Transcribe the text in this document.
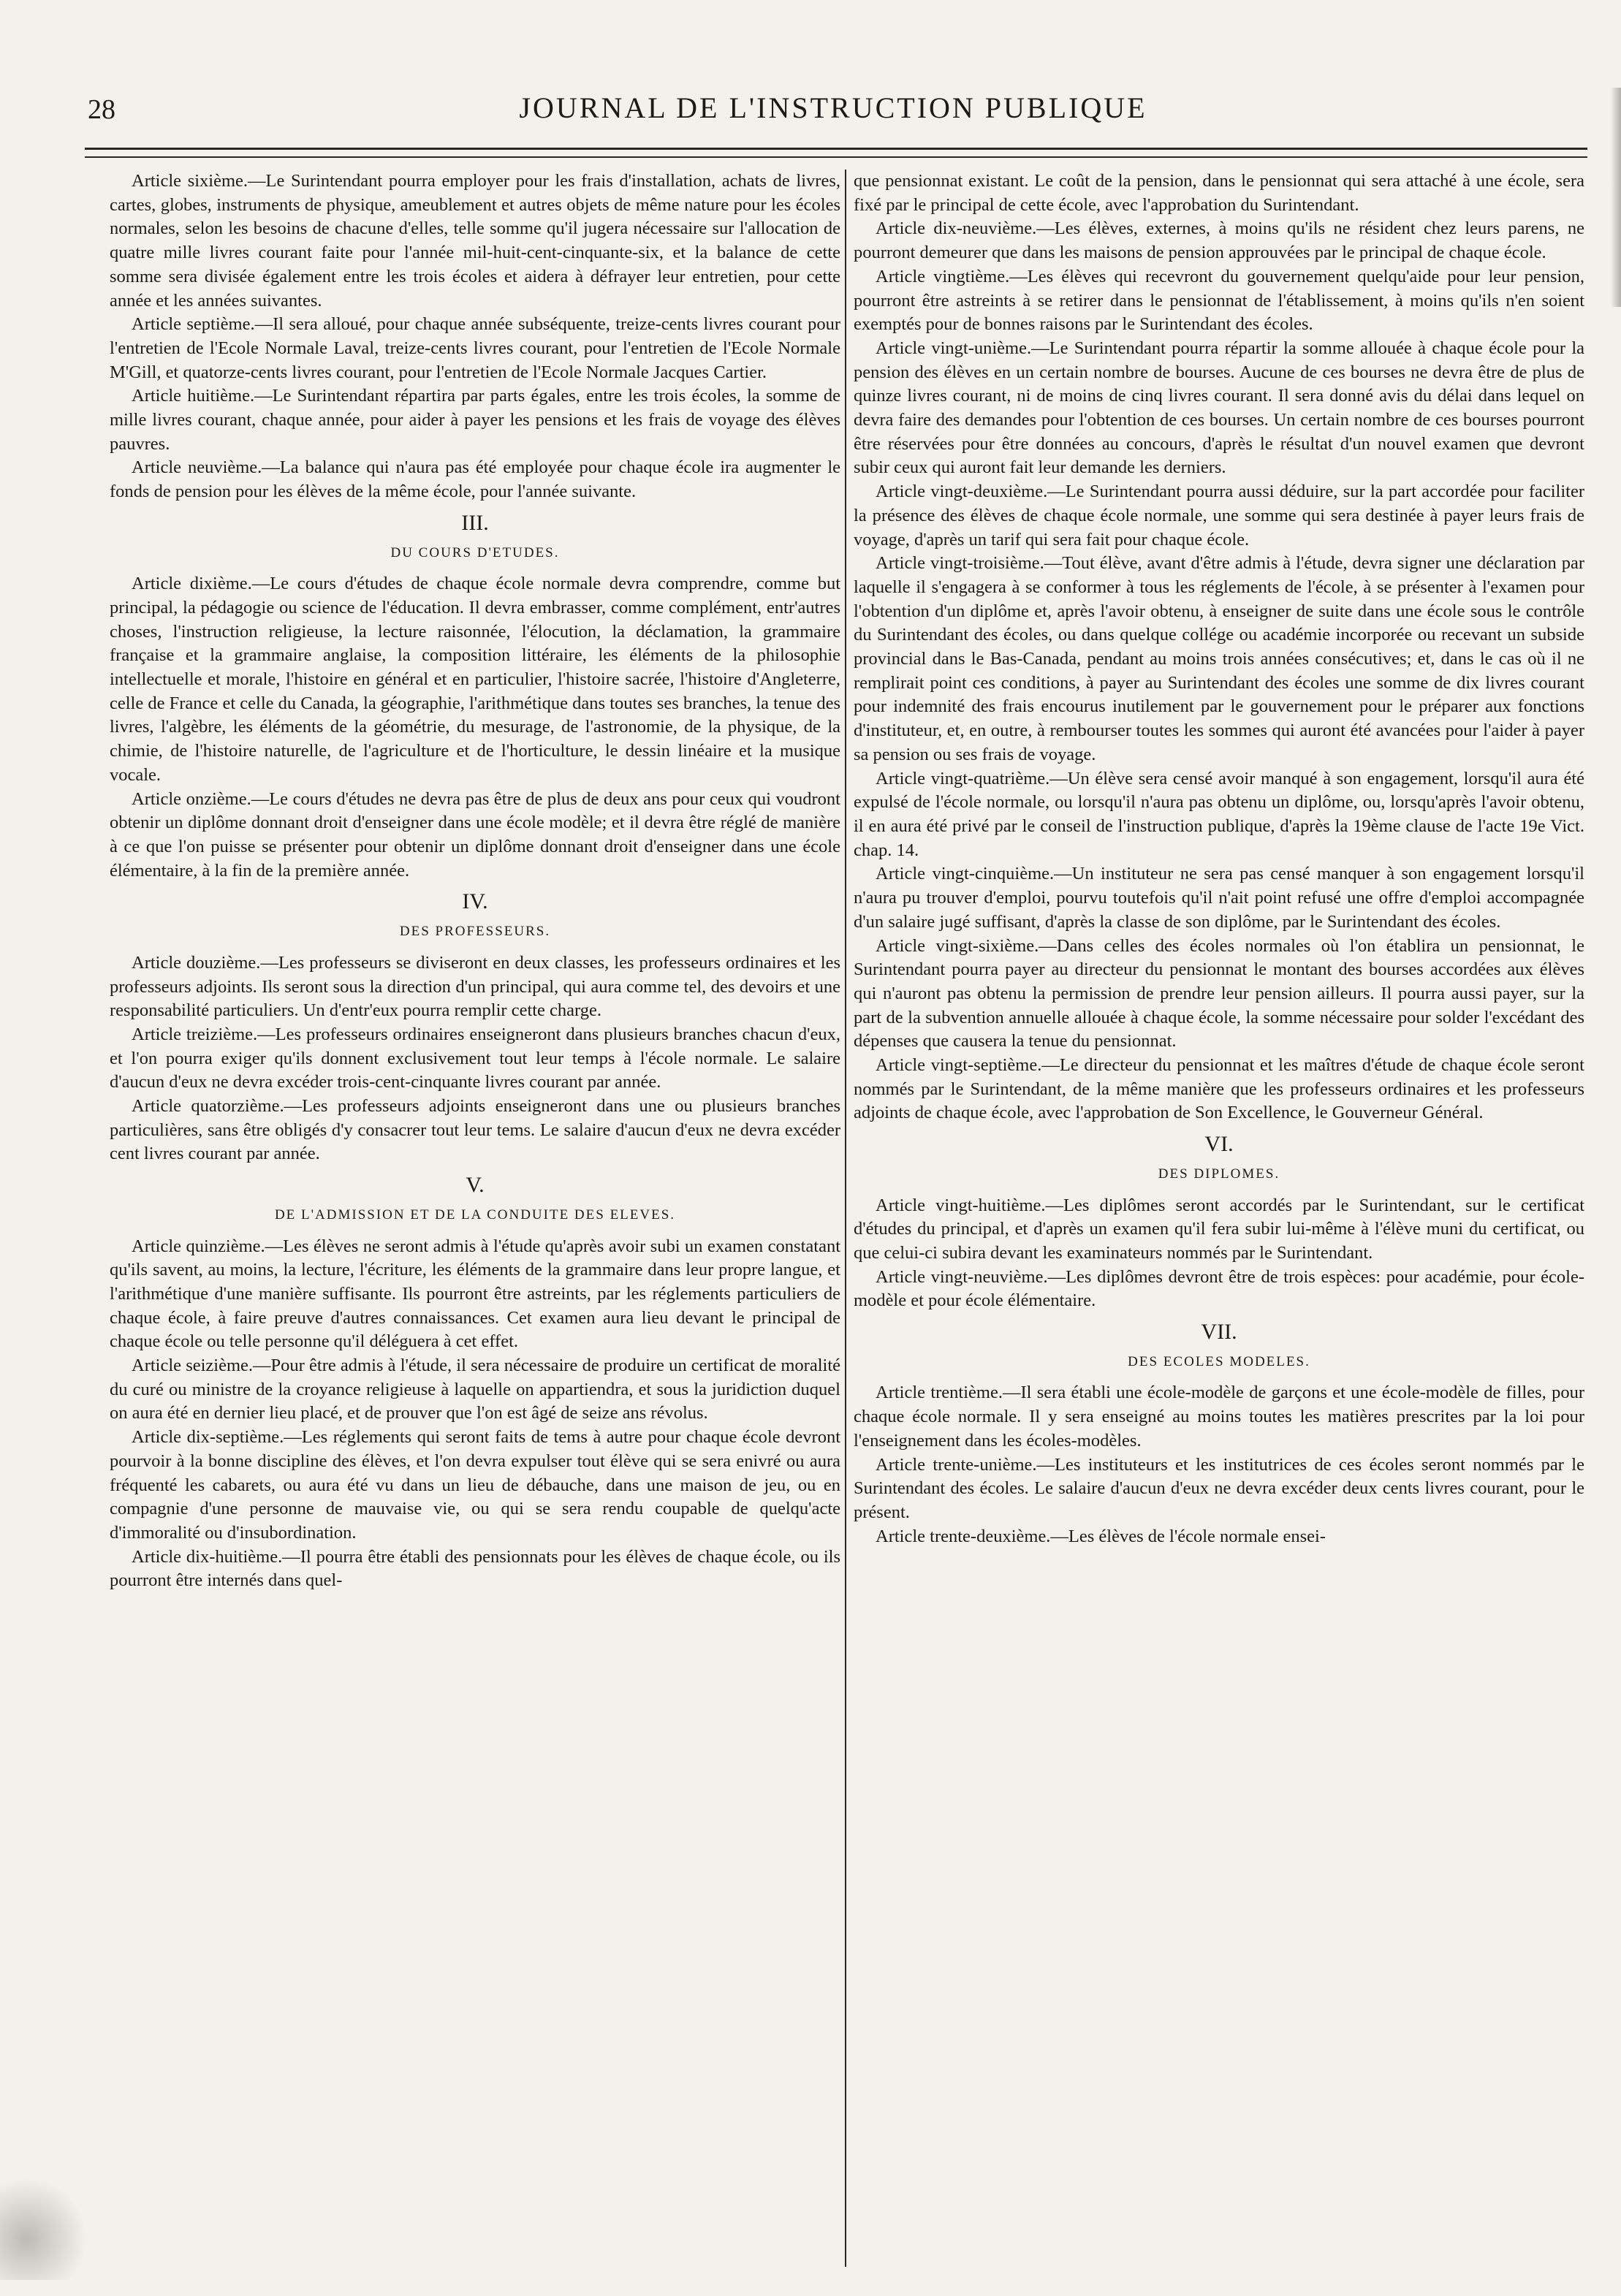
28	JOURNAL DE L'INSTRUCTION PUBLIQUE

Article sixième.—Le Surintendant pourra employer pour les frais d'installation, achats de livres, cartes, globes, instruments de physique, ameublement et autres objets de même nature pour les écoles normales, selon les besoins de chacune d'elles, telle somme qu'il jugera nécessaire sur l'allocation de quatre mille livres courant faite pour l'année mil-huit-cent-cinquante-six, et la balance de cette somme sera divisée également entre les trois écoles et aidera à défrayer leur entretien, pour cette année et les années suivantes.

Article septième.—Il sera alloué, pour chaque année subséquente, treize-cents livres courant pour l'entretien de l'Ecole Normale Laval, treize-cents livres courant, pour l'entretien de l'Ecole Normale M'Gill, et quatorze-cents livres courant, pour l'entretien de l'Ecole Normale Jacques Cartier.

Article huitième.—Le Surintendant répartira par parts égales, entre les trois écoles, la somme de mille livres courant, chaque année, pour aider à payer les pensions et les frais de voyage des élèves pauvres.

Article neuvième.—La balance qui n'aura pas été employée pour chaque école ira augmenter le fonds de pension pour les élèves de la même école, pour l'année suivante.

III.
DU COURS D'ETUDES.

Article dixième.—Le cours d'études de chaque école normale devra comprendre, comme but principal, la pédagogie ou science de l'éducation. Il devra embrasser, comme complément, entr'autres choses, l'instruction religieuse, la lecture raisonnée, l'élocution, la déclamation, la grammaire française et la grammaire anglaise, la composition littéraire, les éléments de la philosophie intellectuelle et morale, l'histoire en général et en particulier, l'histoire sacrée, l'histoire d'Angleterre, celle de France et celle du Canada, la géographie, l'arithmétique dans toutes ses branches, la tenue des livres, l'algèbre, les éléments de la géométrie, du mesurage, de l'astronomie, de la physique, de la chimie, de l'histoire naturelle, de l'agriculture et de l'horticulture, le dessin linéaire et la musique vocale.

Article onzième.—Le cours d'études ne devra pas être de plus de deux ans pour ceux qui voudront obtenir un diplôme donnant droit d'enseigner dans une école modèle; et il devra être réglé de manière à ce que l'on puisse se présenter pour obtenir un diplôme donnant droit d'enseigner dans une école élémentaire, à la fin de la première année.

IV.
DES PROFESSEURS.

Article douzième.—Les professeurs se diviseront en deux classes, les professeurs ordinaires et les professeurs adjoints. Ils seront sous la direction d'un principal, qui aura comme tel, des devoirs et une responsabilité particuliers. Un d'entr'eux pourra remplir cette charge.

Article treizième.—Les professeurs ordinaires enseigneront dans plusieurs branches chacun d'eux, et l'on pourra exiger qu'ils donnent exclusivement tout leur temps à l'école normale. Le salaire d'aucun d'eux ne devra excéder trois-cent-cinquante livres courant par année.

Article quatorzième.—Les professeurs adjoints enseigneront dans une ou plusieurs branches particulières, sans être obligés d'y consacrer tout leur tems. Le salaire d'aucun d'eux ne devra excéder cent livres courant par année.

V.
DE L'ADMISSION ET DE LA CONDUITE DES ELEVES.

Article quinzième.—Les élèves ne seront admis à l'étude qu'après avoir subi un examen constatant qu'ils savent, au moins, la lecture, l'écriture, les éléments de la grammaire dans leur propre langue, et l'arithmétique d'une manière suffisante. Ils pourront être astreints, par les réglements particuliers de chaque école, à faire preuve d'autres connaissances. Cet examen aura lieu devant le principal de chaque école ou telle personne qu'il déléguera à cet effet.

Article seizième.—Pour être admis à l'étude, il sera nécessaire de produire un certificat de moralité du curé ou ministre de la croyance religieuse à laquelle on appartiendra, et sous la juridiction duquel on aura été en dernier lieu placé, et de prouver que l'on est âgé de seize ans révolus.

Article dix-septième.—Les réglements qui seront faits de tems à autre pour chaque école devront pourvoir à la bonne discipline des élèves, et l'on devra expulser tout élève qui se sera enivré ou aura fréquenté les cabarets, ou aura été vu dans un lieu de débauche, dans une maison de jeu, ou en compagnie d'une personne de mauvaise vie, ou qui se sera rendu coupable de quelqu'acte d'immoralité ou d'insubordination.

Article dix-huitième.—Il pourra être établi des pensionnats pour les élèves de chaque école, ou ils pourront être internés dans quel-

que pensionnat existant. Le coût de la pension, dans le pensionnat qui sera attaché à une école, sera fixé par le principal de cette école, avec l'approbation du Surintendant.

Article dix-neuvième.—Les élèves, externes, à moins qu'ils ne résident chez leurs parens, ne pourront demeurer que dans les maisons de pension approuvées par le principal de chaque école.

Article vingtième.—Les élèves qui recevront du gouvernement quelqu'aide pour leur pension, pourront être astreints à se retirer dans le pensionnat de l'établissement, à moins qu'ils n'en soient exemptés pour de bonnes raisons par le Surintendant des écoles.

Article vingt-unième.—Le Surintendant pourra répartir la somme allouée à chaque école pour la pension des élèves en un certain nombre de bourses. Aucune de ces bourses ne devra être de plus de quinze livres courant, ni de moins de cinq livres courant. Il sera donné avis du délai dans lequel on devra faire des demandes pour l'obtention de ces bourses. Un certain nombre de ces bourses pourront être réservées pour être données au concours, d'après le résultat d'un nouvel examen que devront subir ceux qui auront fait leur demande les derniers.

Article vingt-deuxième.—Le Surintendant pourra aussi déduire, sur la part accordée pour faciliter la présence des élèves de chaque école normale, une somme qui sera destinée à payer leurs frais de voyage, d'après un tarif qui sera fait pour chaque école.

Article vingt-troisième.—Tout élève, avant d'être admis à l'étude, devra signer une déclaration par laquelle il s'engagera à se conformer à tous les réglements de l'école, à se présenter à l'examen pour l'obtention d'un diplôme et, après l'avoir obtenu, à enseigner de suite dans une école sous le contrôle du Surintendant des écoles, ou dans quelque collége ou académie incorporée ou recevant un subside provincial dans le Bas-Canada, pendant au moins trois années consécutives; et, dans le cas où il ne remplirait point ces conditions, à payer au Surintendant des écoles une somme de dix livres courant pour indemnité des frais encourus inutilement par le gouvernement pour le préparer aux fonctions d'instituteur, et, en outre, à rembourser toutes les sommes qui auront été avancées pour l'aider à payer sa pension ou ses frais de voyage.

Article vingt-quatrième.—Un élève sera censé avoir manqué à son engagement, lorsqu'il aura été expulsé de l'école normale, ou lorsqu'il n'aura pas obtenu un diplôme, ou, lorsqu'après l'avoir obtenu, il en aura été privé par le conseil de l'instruction publique, d'après la 19ème clause de l'acte 19e Vict. chap. 14.

Article vingt-cinquième.—Un instituteur ne sera pas censé manquer à son engagement lorsqu'il n'aura pu trouver d'emploi, pourvu toutefois qu'il n'ait point refusé une offre d'emploi accompagnée d'un salaire jugé suffisant, d'après la classe de son diplôme, par le Surintendant des écoles.

Article vingt-sixième.—Dans celles des écoles normales où l'on établira un pensionnat, le Surintendant pourra payer au directeur du pensionnat le montant des bourses accordées aux élèves qui n'auront pas obtenu la permission de prendre leur pension ailleurs. Il pourra aussi payer, sur la part de la subvention annuelle allouée à chaque école, la somme nécessaire pour solder l'excédant des dépenses que causera la tenue du pensionnat.

Article vingt-septième.—Le directeur du pensionnat et les maîtres d'étude de chaque école seront nommés par le Surintendant, de la même manière que les professeurs ordinaires et les professeurs adjoints de chaque école, avec l'approbation de Son Excellence, le Gouverneur Général.

VI.
DES DIPLOMES.

Article vingt-huitième.—Les diplômes seront accordés par le Surintendant, sur le certificat d'études du principal, et d'après un examen qu'il fera subir lui-même à l'élève muni du certificat, ou que celui-ci subira devant les examinateurs nommés par le Surintendant.

Article vingt-neuvième.—Les diplômes devront être de trois espèces: pour académie, pour école-modèle et pour école élémentaire.

VII.
DES ECOLES MODELES.

Article trentième.—Il sera établi une école-modèle de garçons et une école-modèle de filles, pour chaque école normale. Il y sera enseigné au moins toutes les matières prescrites par la loi pour l'enseignement dans les écoles-modèles.

Article trente-unième.—Les instituteurs et les institutrices de ces écoles seront nommés par le Surintendant des écoles. Le salaire d'aucun d'eux ne devra excéder deux cents livres courant, pour le présent.

Article trente-deuxième.—Les élèves de l'école normale ensei-
